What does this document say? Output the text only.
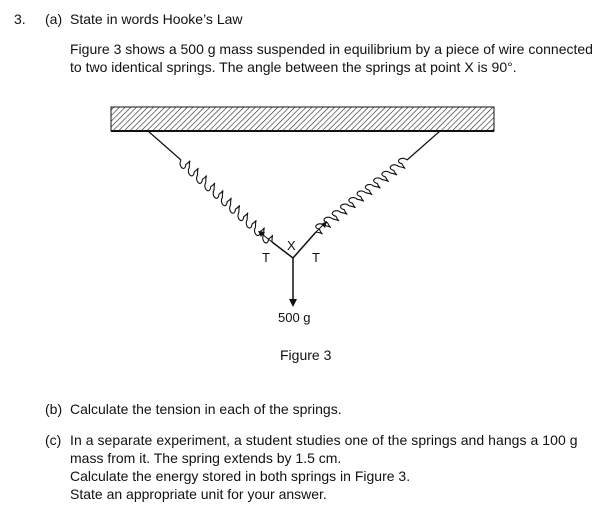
3. (a) State in words Hooke’s Law
Figure 3 shows a 500 g mass suspended in equilibrium by a piece of wire connected
to two identical springs. The angle between the springs at point X is 90°.
X
T	T
500 g
Figure 3
(b) Calculate the tension in each of the springs.
(c) In a separate experiment, a student studies one of the springs and hangs a 100 g
mass from it. The spring extends by 1.5 cm.
Calculate the energy stored in both springs in Figure 3.
State an appropriate unit for your answer.
